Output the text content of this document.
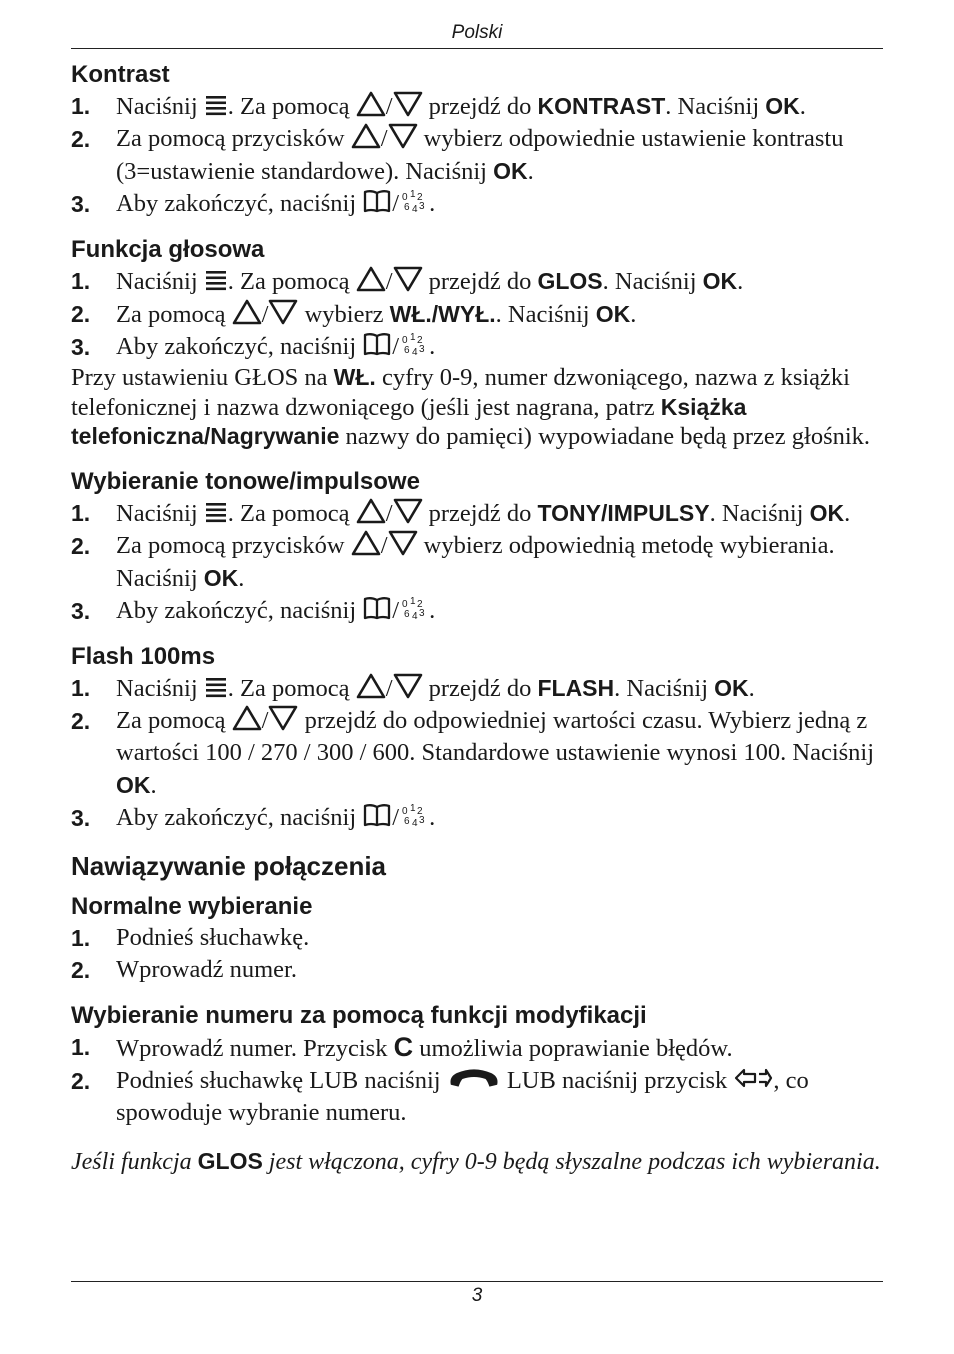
Polski
Kontrast
1. Naciśnij . Za pomocą / przejdź do KONTRAST. Naciśnij OK.
2. Za pomocą przycisków / wybierz odpowiednie ustawienie kontrastu (3=ustawienie standardowe). Naciśnij OK.
3. Aby zakończyć, naciśnij / .
Funkcja głosowa
1. Naciśnij . Za pomocą / przejdź do GLOS. Naciśnij OK.
2. Za pomocą / wybierz WŁ./WYŁ.. Naciśnij OK.
3. Aby zakończyć, naciśnij / .

Przy ustawieniu GŁOS na WŁ. cyfry 0-9, numer dzwoniącego, nazwa z książki telefonicznej i nazwa dzwoniącego (jeśli jest nagrana, patrz Książka telefoniczna/Nagrywanie nazwy do pamięci) wypowiadane będą przez głośnik.

Wybieranie tonowe/impulsowe
1. Naciśnij . Za pomocą / przejdź do TONY/IMPULSY. Naciśnij OK.
2. Za pomocą przycisków / wybierz odpowiednią metodę wybierania. Naciśnij OK.
3. Aby zakończyć, naciśnij / .
Flash 100ms
1. Naciśnij . Za pomocą / przejdź do FLASH. Naciśnij OK.
2. Za pomocą / przejdź do odpowiedniej wartości czasu. Wybierz jedną z wartości 100 / 270 / 300 / 600. Standardowe ustawienie wynosi 100. Naciśnij OK.
3. Aby zakończyć, naciśnij / .
Nawiązywanie połączenia
Normalne wybieranie
1. Podnieś słuchawkę.
2. Wprowadź numer.
Wybieranie numeru za pomocą funkcji modyfikacji
1. Wprowadź numer. Przycisk C umożliwia poprawianie błędów.
2. Podnieś słuchawkę LUB naciśnij  LUB naciśnij przycisk , co spowoduje wybranie numeru.

Jeśli funkcja GLOS jest włączona, cyfry 0-9 będą słyszalne podczas ich wybierania.

3
